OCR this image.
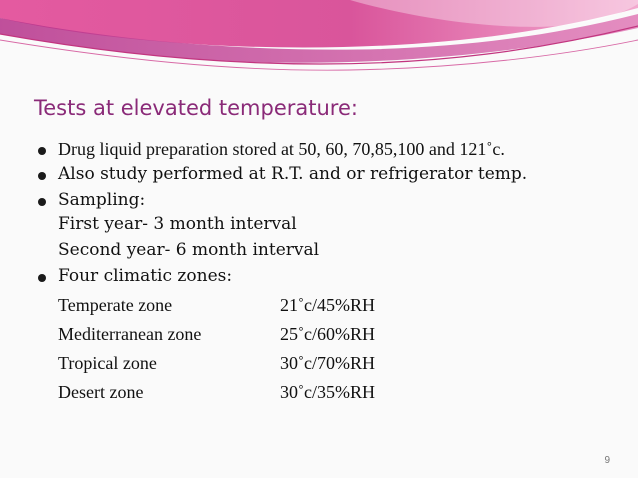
Tests at elevated temperature:
Drug liquid preparation stored at 50, 60, 70,85,100 and 121˚c.
Also study performed at R.T. and or refrigerator temp.
Sampling:
First year- 3 month interval
Second year- 6 month interval
Four climatic zones:
Temperate zone	21˚c/45%RH
Mediterranean zone	25˚c/60%RH
Tropical zone	30˚c/70%RH
Desert zone	30˚c/35%RH
9
